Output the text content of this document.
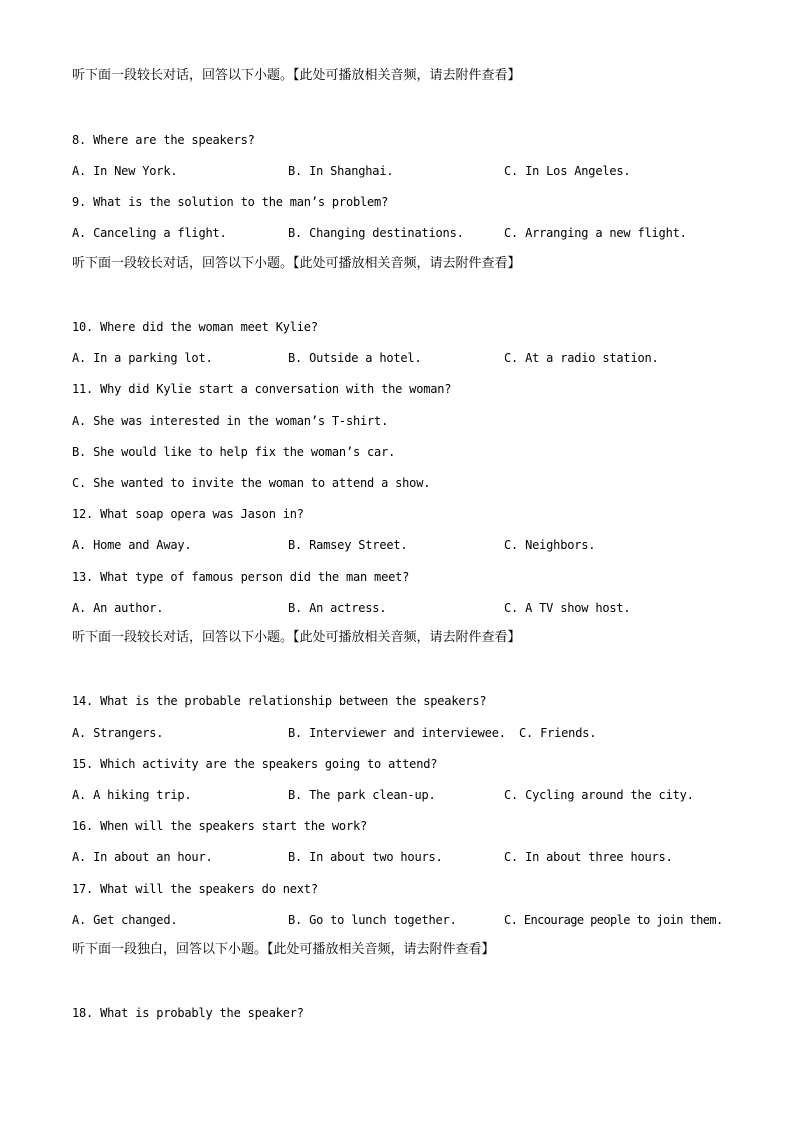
听下面一段较长对话，回答以下小题。【此处可播放相关音频，请去附件查看】
8. Where are the speakers?
A. In New York.	B. In Shanghai.	C. In Los Angeles.
9. What is the solution to the man’s problem?
A. Canceling a flight.	B. Changing destinations.	C. Arranging a new flight.
听下面一段较长对话，回答以下小题。【此处可播放相关音频，请去附件查看】
10. Where did the woman meet Kylie?
A. In a parking lot.	B. Outside a hotel.	C. At a radio station.
11. Why did Kylie start a conversation with the woman?
A. She was interested in the woman’s T-shirt.
B. She would like to help fix the woman’s car.
C. She wanted to invite the woman to attend a show.
12. What soap opera was Jason in?
A. Home and Away.	B. Ramsey Street.	C. Neighbors.
13. What type of famous person did the man meet?
A. An author.	B. An actress.	C. A TV show host.
听下面一段较长对话，回答以下小题。【此处可播放相关音频，请去附件查看】
14. What is the probable relationship between the speakers?
A. Strangers.	B. Interviewer and interviewee. C. Friends.
15. Which activity are the speakers going to attend?
A. A hiking trip.	B. The park clean-up.	C. Cycling around the city.
16. When will the speakers start the work?
A. In about an hour.	B. In about two hours.	C. In about three hours.
17. What will the speakers do next?
A. Get changed.	B. Go to lunch together.	C. Encourage people to join them.
听下面一段独白，回答以下小题。【此处可播放相关音频，请去附件查看】
18. What is probably the speaker?
